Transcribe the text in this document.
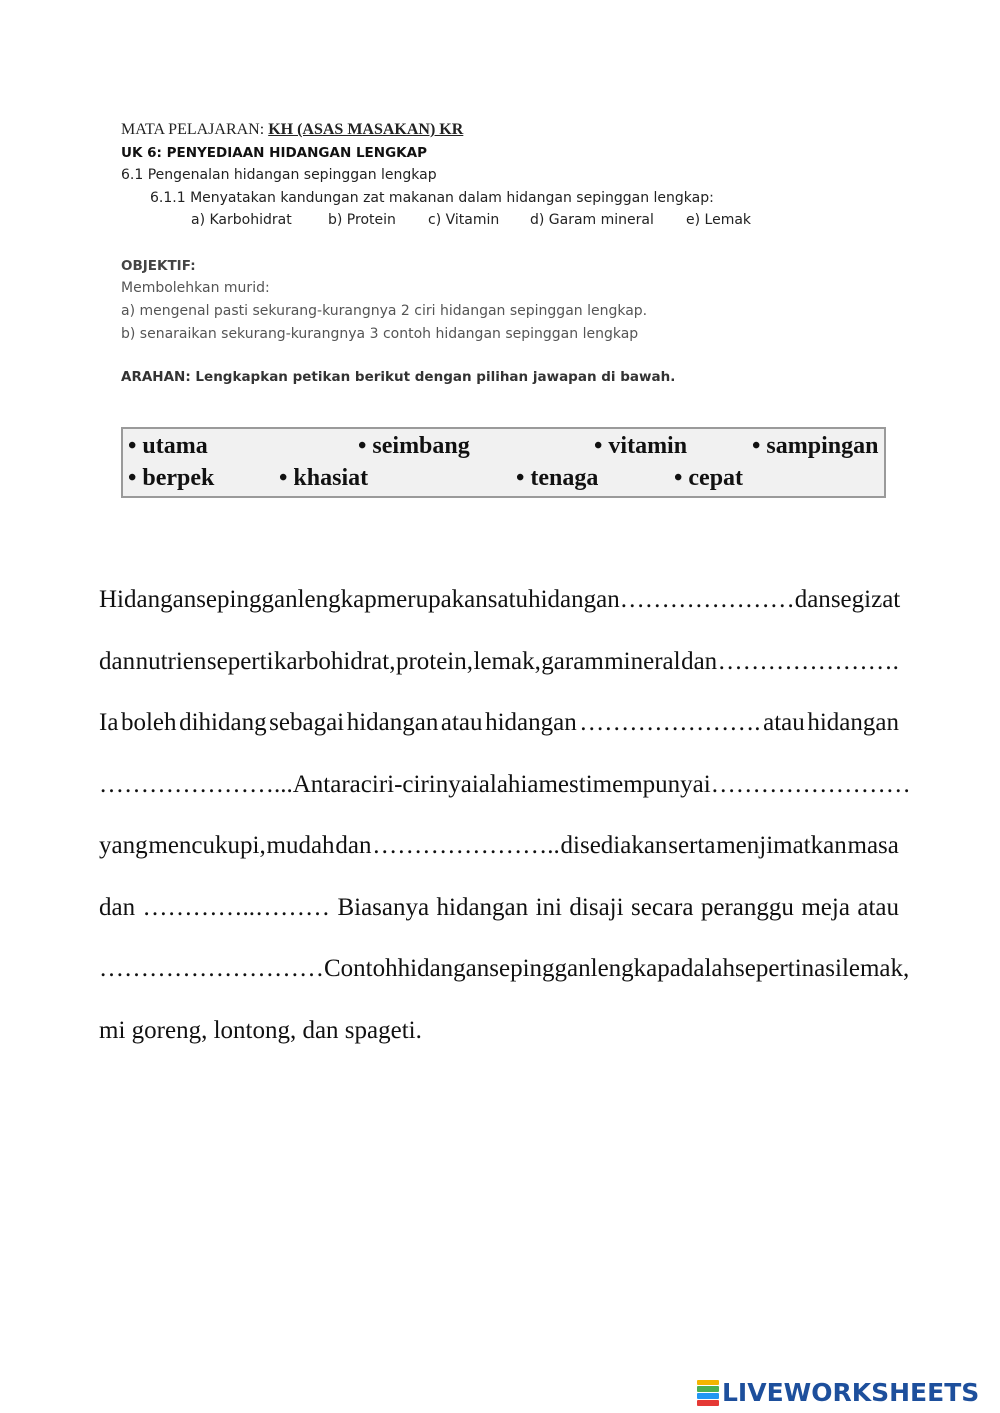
MATA PELAJARAN: KH (ASAS MASAKAN) KR
UK 6: PENYEDIAAN HIDANGAN LENGKAP
6.1 Pengenalan hidangan sepinggan lengkap
6.1.1 Menyatakan kandungan zat makanan dalam hidangan sepinggan lengkap:
a) Karbohidrat	b) Protein c) Vitamin d) Garam mineral e) Lemak
OBJEKTIF:
Membolehkan murid:
a) mengenal pasti sekurang-kurangnya 2 ciri hidangan sepinggan lengkap.
b) senaraikan sekurang-kurangnya 3 contoh hidangan sepinggan lengkap
ARAHAN: Lengkapkan petikan berikut dengan pilihan jawapan di bawah.
• utama	• seimbang	• vitamin	• sampingan
• berpek	• khasiat	• tenaga	• cepat
Hidangan sepinggan lengkap merupakan satu hidangan …………………dan segi zat
dan nutrien seperti karbohidrat, protein, lemak, garam mineral dan ………………….
Ia boleh dihidang sebagai hidangan atau hidangan …………………. atau hidangan
…………………... Antara ciri-cirinya ialah ia mesti mempunyai ……………………
yang mencukupi, mudah dan ………………….. disediakan serta menjimatkan masa
dan …………..……… Biasanya hidangan ini disaji secara peranggu meja atau
……………………… Contoh hidangan sepinggan lengkap adalah seperti nasi lemak,
mi goreng, lontong, dan spageti.
LIVEWORKSHEETS
